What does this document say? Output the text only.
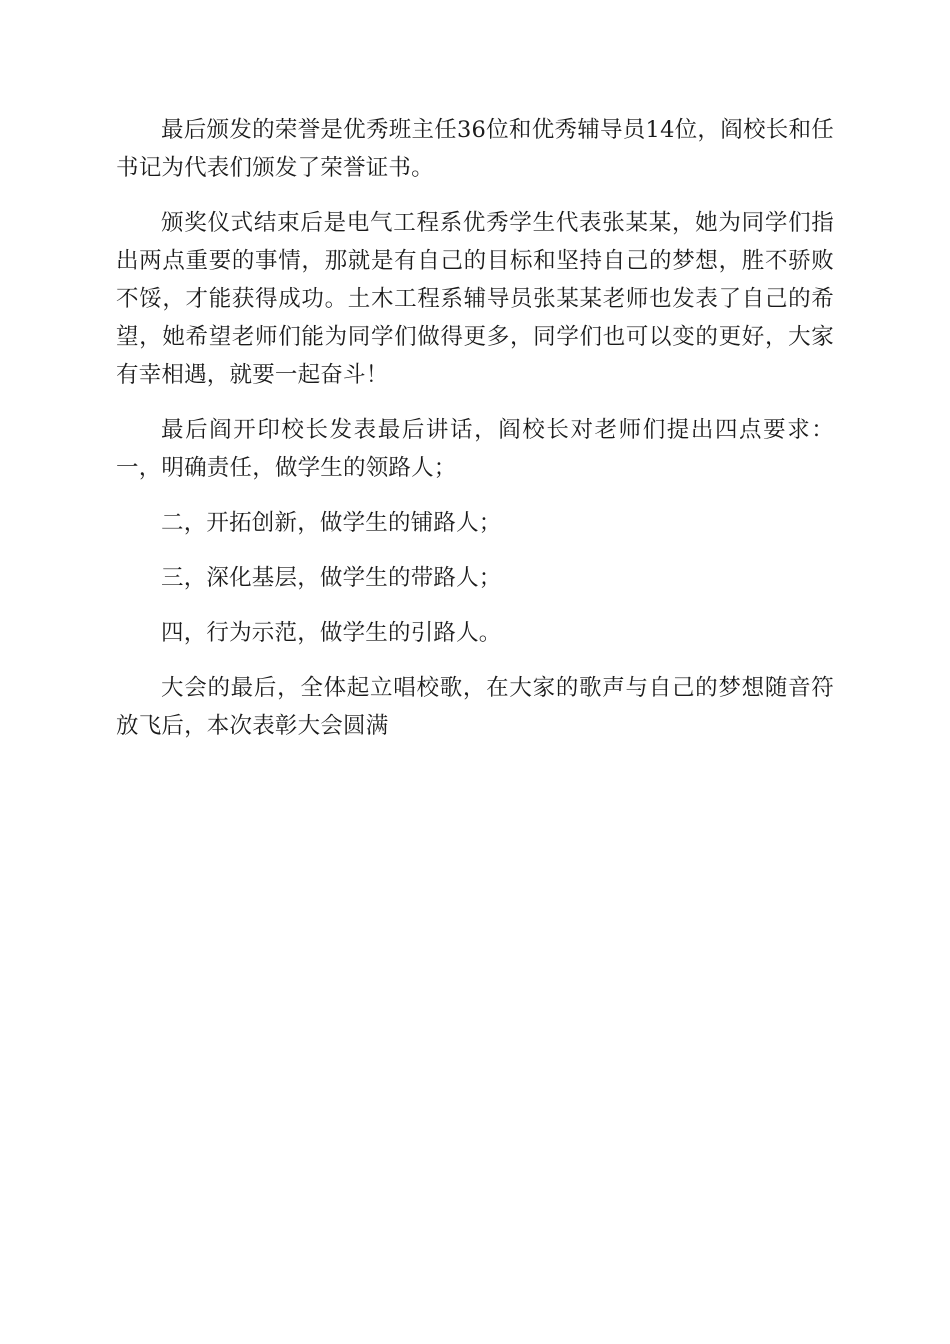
最后颁发的荣誉是优秀班主任36位和优秀辅导员14位，阎校长和任书记为代表们颁发了荣誉证书。

颁奖仪式结束后是电气工程系优秀学生代表张某某，她为同学们指出两点重要的事情，那就是有自己的目标和坚持自己的梦想，胜不骄败不馁，才能获得成功。土木工程系辅导员张某某老师也发表了自己的希望，她希望老师们能为同学们做得更多，同学们也可以变的更好，大家有幸相遇，就要一起奋斗！

最后阎开印校长发表最后讲话，阎校长对老师们提出四点要求：一，明确责任，做学生的领路人；

二，开拓创新，做学生的铺路人；

三，深化基层，做学生的带路人；

四，行为示范，做学生的引路人。

大会的最后，全体起立唱校歌，在大家的歌声与自己的梦想随音符放飞后，本次表彰大会圆满
